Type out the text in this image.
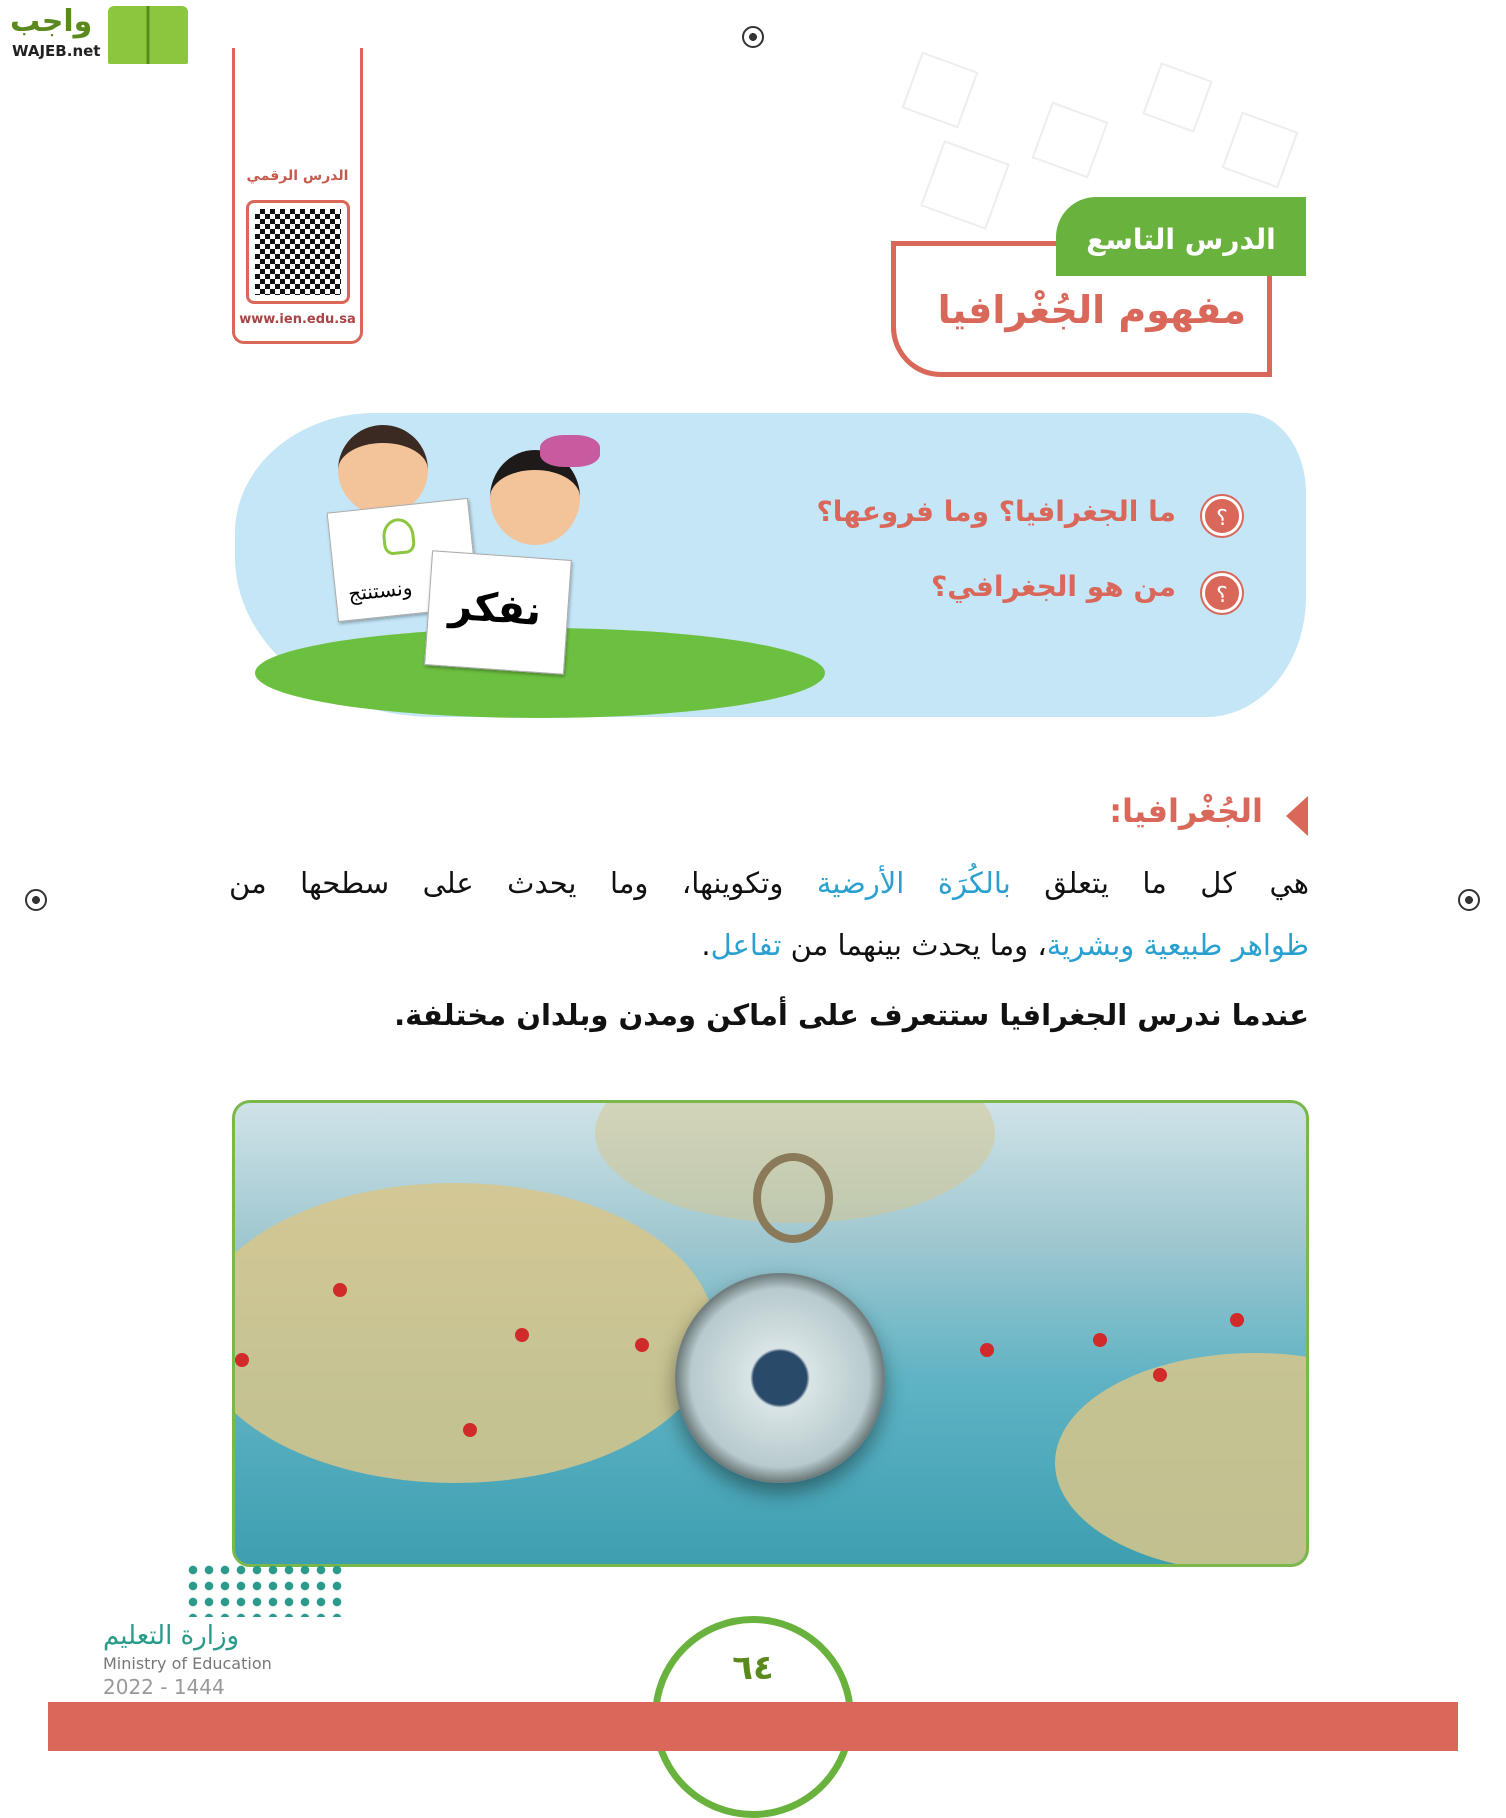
واجب
WAJEB.net
الدرس الرقمي
www.ien.edu.sa
الدرس التاسع
مفهوم الجُغْرافيا
ونستنتج نفكر
ما الجغرافيا؟ وما فروعها؟	؟
من هو الجغرافي؟	؟
الجُغْرافيا:
هي كل ما يتعلق بالكُرَة الأرضية وتكوينها، وما يحدث على سطحها من
ظواهر طبيعية وبشرية، وما يحدث بينهما من تفاعل.
عندما ندرس الجغرافيا ستتعرف على أماكن ومدن وبلدان مختلفة.
وزارة التعليم
Ministry of Education
2022 - 1444	٦٤
